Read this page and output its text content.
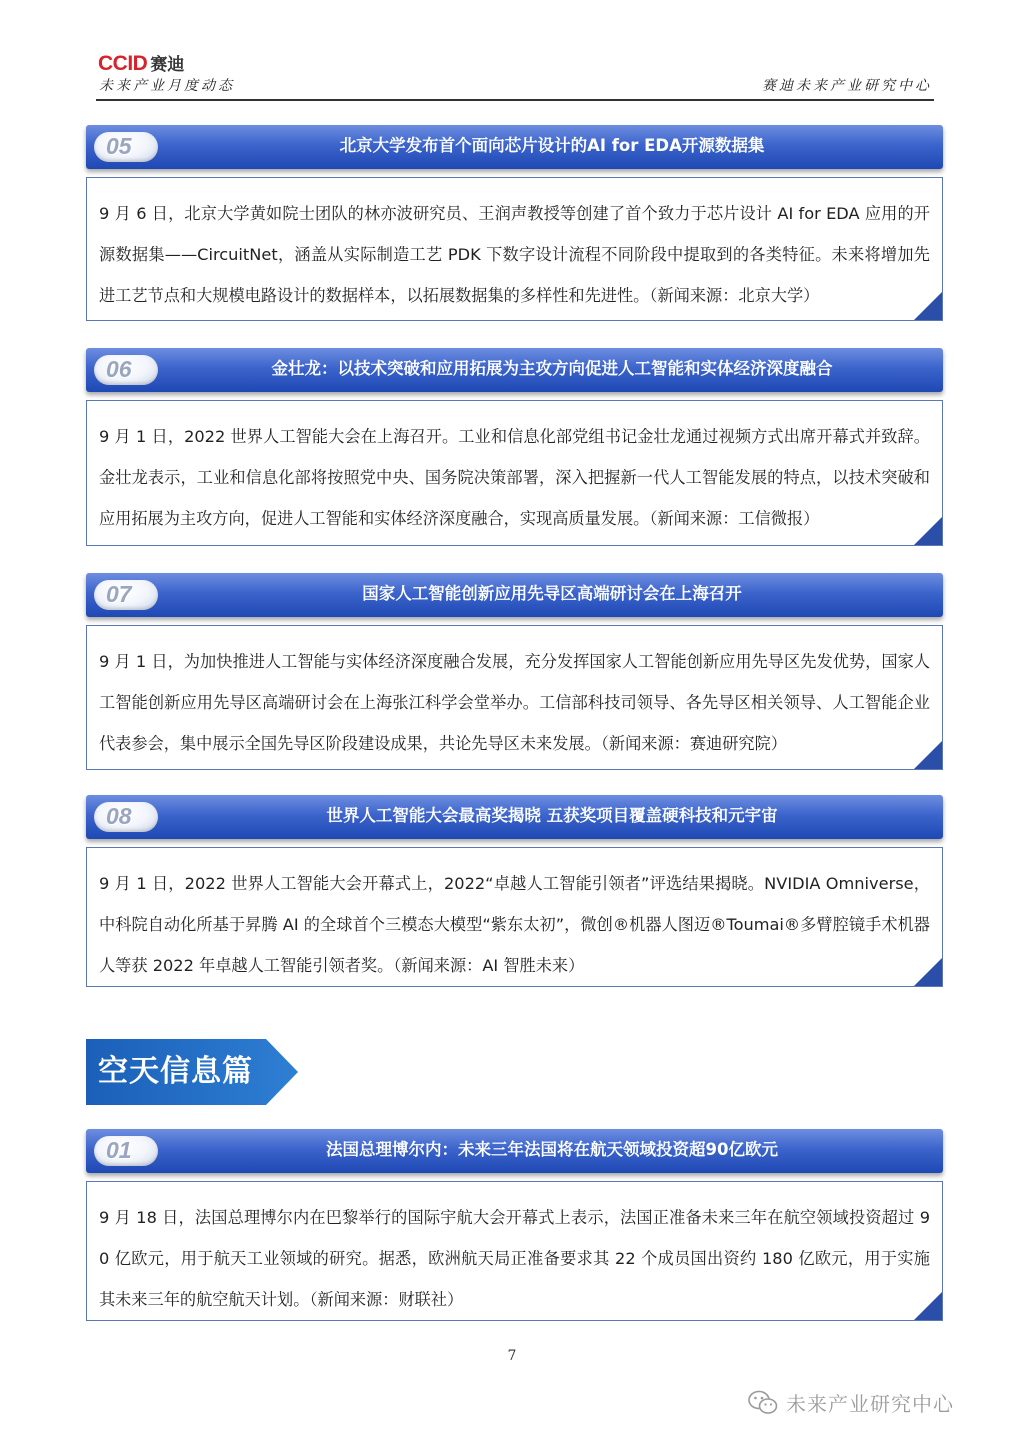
CCID 赛迪
未来产业月度动态	赛迪未来产业研究中心
05	北京大学发布首个面向芯片设计的AI for EDA开源数据集
9 月 6 日，北京大学黄如院士团队的林亦波研究员、王润声教授等创建了首个致力于芯片设计 AI for EDA 应用的开源数据集——CircuitNet，涵盖从实际制造工艺 PDK 下数字设计流程不同阶段中提取到的各类特征。未来将增加先进工艺节点和大规模电路设计的数据样本，以拓展数据集的多样性和先进性。（新闻来源：北京大学）
06	金壮龙：以技术突破和应用拓展为主攻方向促进人工智能和实体经济深度融合
9 月 1 日，2022 世界人工智能大会在上海召开。工业和信息化部党组书记金壮龙通过视频方式出席开幕式并致辞。金壮龙表示，工业和信息化部将按照党中央、国务院决策部署，深入把握新一代人工智能发展的特点，以技术突破和应用拓展为主攻方向，促进人工智能和实体经济深度融合，实现高质量发展。（新闻来源：工信微报）
07	国家人工智能创新应用先导区高端研讨会在上海召开
9 月 1 日，为加快推进人工智能与实体经济深度融合发展，充分发挥国家人工智能创新应用先导区先发优势，国家人工智能创新应用先导区高端研讨会在上海张江科学会堂举办。工信部科技司领导、各先导区相关领导、人工智能企业代表参会，集中展示全国先导区阶段建设成果，共论先导区未来发展。（新闻来源：赛迪研究院）
08	世界人工智能大会最高奖揭晓 五获奖项目覆盖硬科技和元宇宙
9 月 1 日，2022 世界人工智能大会开幕式上，2022“卓越人工智能引领者”评选结果揭晓。NVIDIA Omniverse，中科院自动化所基于昇腾 AI 的全球首个三模态大模型“紫东太初”，微创®机器人图迈®Toumai®多臂腔镜手术机器人等获 2022 年卓越人工智能引领者奖。（新闻来源：AI 智胜未来）
空天信息篇
01	法国总理博尔内：未来三年法国将在航天领域投资超90亿欧元
9 月 18 日，法国总理博尔内在巴黎举行的国际宇航大会开幕式上表示，法国正准备未来三年在航空领域投资超过 90 亿欧元，用于航天工业领域的研究。据悉，欧洲航天局正准备要求其 22 个成员国出资约 180 亿欧元，用于实施其未来三年的航空航天计划。（新闻来源：财联社）
7
未来产业研究中心
